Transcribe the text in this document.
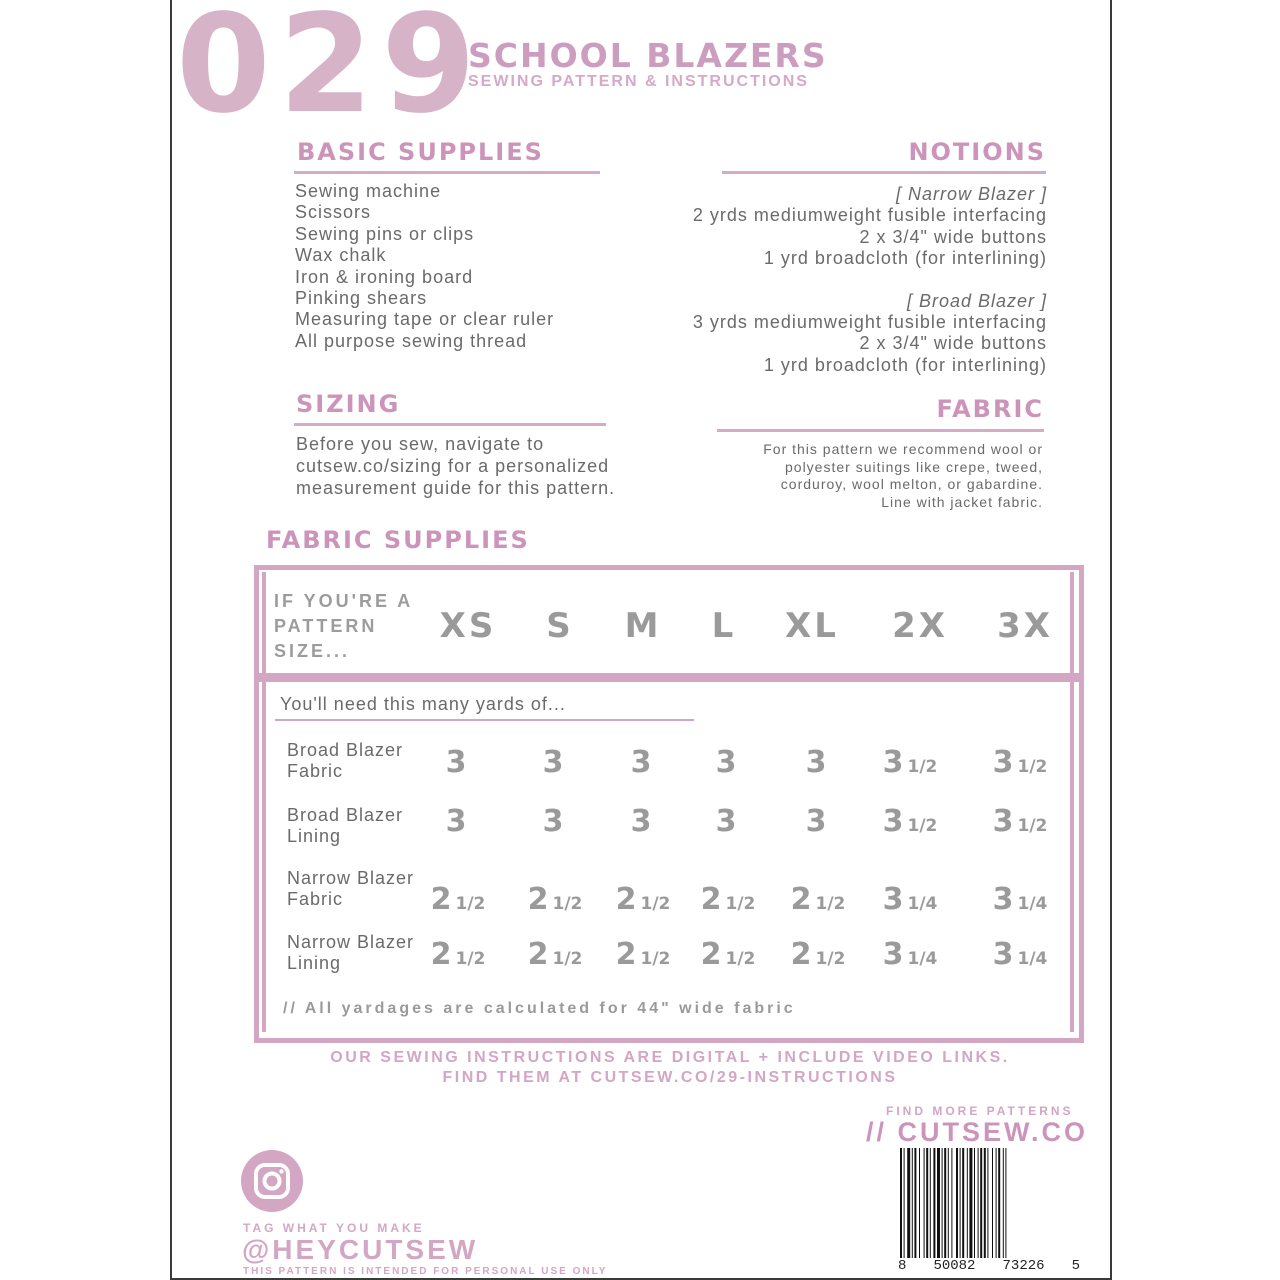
029
SCHOOL BLAZERS
SEWING PATTERN & INSTRUCTIONS
BASIC SUPPLIES
Sewing machine
Scissors
Sewing pins or clips
Wax chalk
Iron & ironing board
Pinking shears
Measuring tape or clear ruler
All purpose sewing thread
NOTIONS
[ Narrow Blazer ]
2 yrds mediumweight fusible interfacing
2 x 3/4" wide buttons
1 yrd broadcloth (for interlining)
[ Broad Blazer ]
3 yrds mediumweight fusible interfacing
2 x 3/4" wide buttons
1 yrd broadcloth (for interlining)
SIZING
Before you sew, navigate to
cutsew.co/sizing for a personalized
measurement guide for this pattern.
FABRIC
For this pattern we recommend wool or
polyester suitings like crepe, tweed,
corduroy, wool melton, or gabardine.
Line with jacket fabric.
FABRIC SUPPLIES
IF YOU'RE A
PATTERN
SIZE...
XS	S	M	L	XL	2X	3X
You'll need this many yards of...
Broad Blazer
Fabric	3	3	3	3	3	3 1/2	3 1/2
Broad Blazer
Lining	3	3	3	3	3	3 1/2	3 1/2
Narrow Blazer
Fabric	2 1/2	2 1/2	2 1/2	2 1/2	2 1/2	3 1/4	3 1/4
Narrow Blazer
Lining	2 1/2	2 1/2	2 1/2	2 1/2	2 1/2	3 1/4	3 1/4
// All yardages are calculated for 44" wide fabric
OUR SEWING INSTRUCTIONS ARE DIGITAL + INCLUDE VIDEO LINKS.
FIND THEM AT CUTSEW.CO/29-INSTRUCTIONS
FIND MORE PATTERNS
// CUTSEW.CO
8 50082 73226 5
TAG WHAT YOU MAKE
@HEYCUTSEW
THIS PATTERN IS INTENDED FOR PERSONAL USE ONLY
